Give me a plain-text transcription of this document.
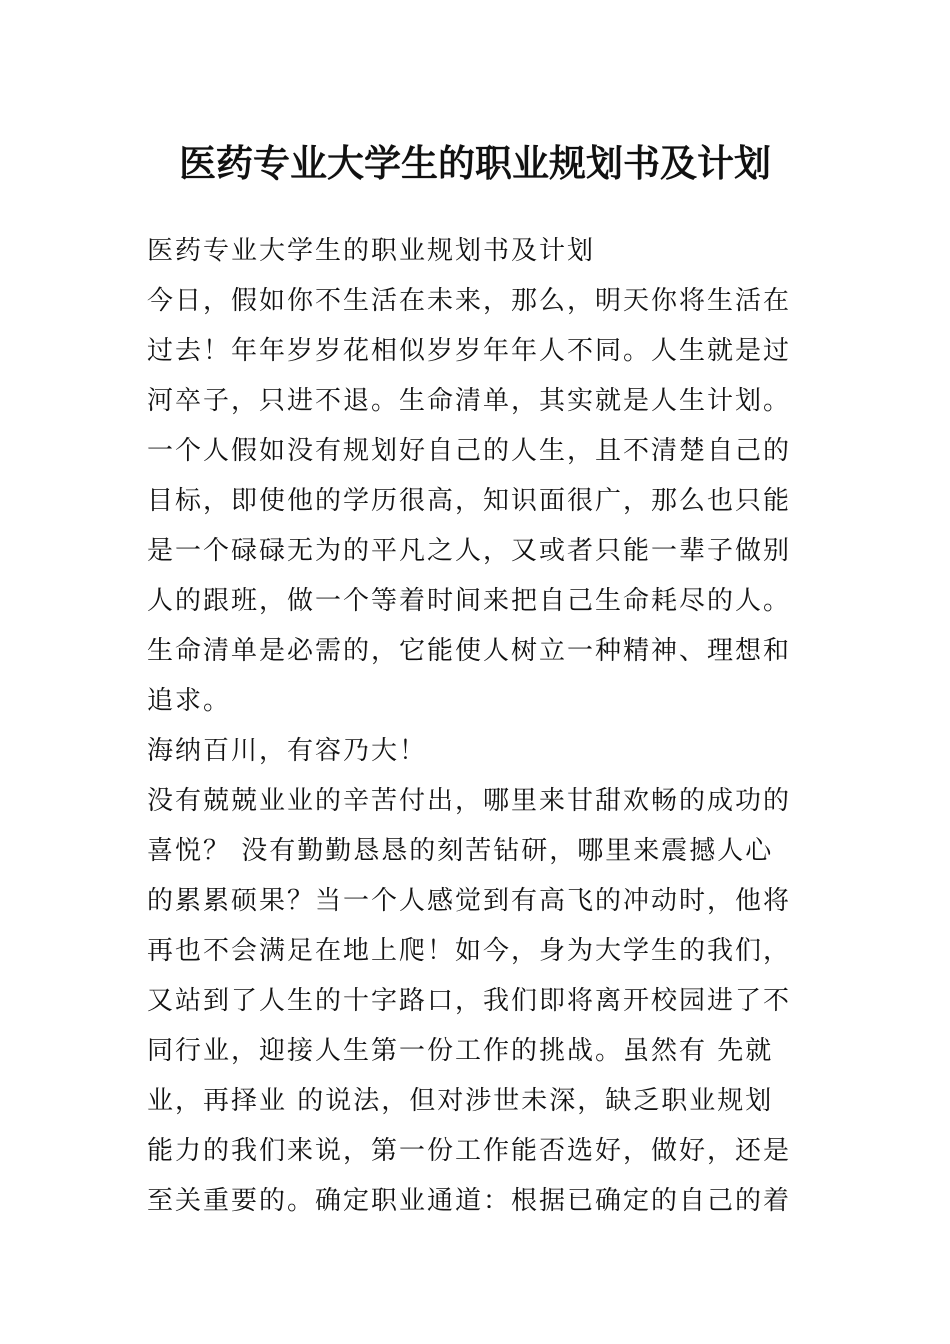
医药专业大学生的职业规划书及计划
医药专业大学生的职业规划书及计划
今日，假如你不生活在未来，那么，明天你将生活在
过去！年年岁岁花相似岁岁年年人不同。人生就是过
河卒子，只进不退。生命清单，其实就是人生计划。
一个人假如没有规划好自己的人生，且不清楚自己的
目标，即使他的学历很高，知识面很广，那么也只能
是一个碌碌无为的平凡之人，又或者只能一辈子做别
人的跟班，做一个等着时间来把自己生命耗尽的人。
生命清单是必需的，它能使人树立一种精神、理想和
追求。
海纳百川，有容乃大！
没有兢兢业业的辛苦付出，哪里来甘甜欢畅的成功的
喜悦？ 没有勤勤恳恳的刻苦钻研，哪里来震撼人心
的累累硕果？当一个人感觉到有高飞的冲动时，他将
再也不会满足在地上爬！如今，身为大学生的我们，
又站到了人生的十字路口，我们即将离开校园进了不
同行业，迎接人生第一份工作的挑战。虽然有 先就
业，再择业 的说法，但对涉世未深，缺乏职业规划
能力的我们来说，第一份工作能否选好，做好，还是
至关重要的。确定职业通道：根据已确定的自己的着
